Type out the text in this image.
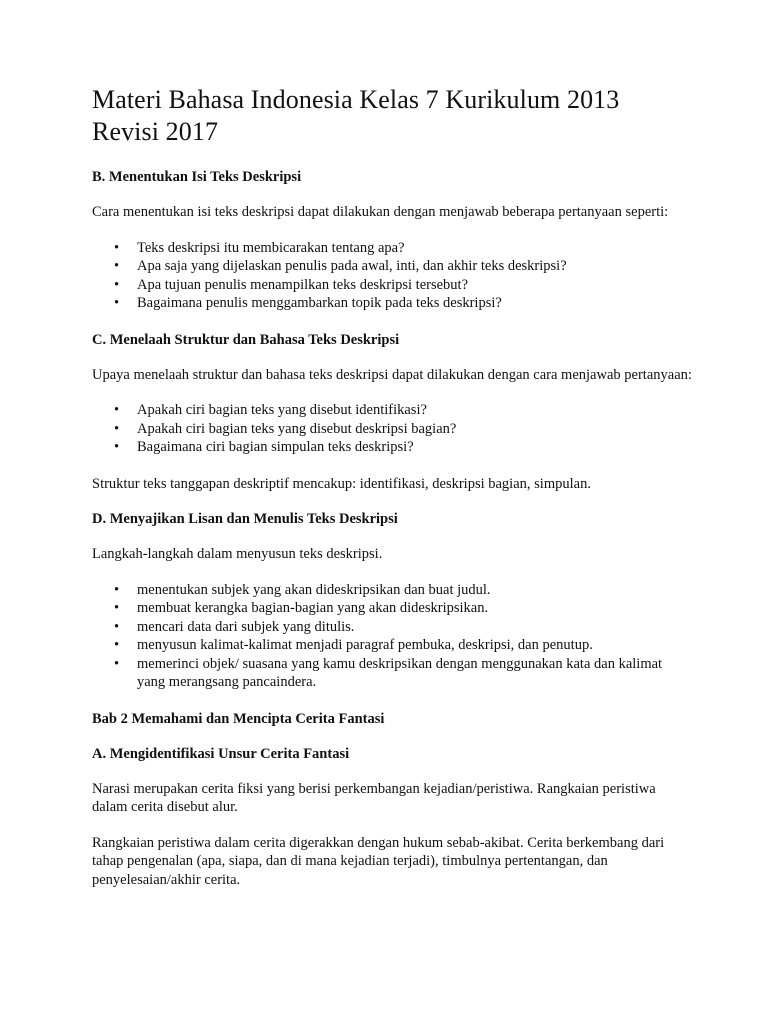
Materi Bahasa Indonesia Kelas 7 Kurikulum 2013 Revisi 2017
B. Menentukan Isi Teks Deskripsi

Cara menentukan isi teks deskripsi dapat dilakukan dengan menjawab beberapa pertanyaan seperti:

• Teks deskripsi itu membicarakan tentang apa?
• Apa saja yang dijelaskan penulis pada awal, inti, dan akhir teks deskripsi?
• Apa tujuan penulis menampilkan teks deskripsi tersebut?
• Bagaimana penulis menggambarkan topik pada teks deskripsi?
C. Menelaah Struktur dan Bahasa Teks Deskripsi

Upaya menelaah struktur dan bahasa teks deskripsi dapat dilakukan dengan cara menjawab pertanyaan:

• Apakah ciri bagian teks yang disebut identifikasi?
• Apakah ciri bagian teks yang disebut deskripsi bagian?
• Bagaimana ciri bagian simpulan teks deskripsi?

Struktur teks tanggapan deskriptif mencakup: identifikasi, deskripsi bagian, simpulan.

D. Menyajikan Lisan dan Menulis Teks Deskripsi

Langkah-langkah dalam menyusun teks deskripsi.

• menentukan subjek yang akan dideskripsikan dan buat judul.
• membuat kerangka bagian-bagian yang akan dideskripsikan.
• mencari data dari subjek yang ditulis.
• menyusun kalimat-kalimat menjadi paragraf pembuka, deskripsi, dan penutup.
• memerinci objek/ suasana yang kamu deskripsikan dengan menggunakan kata dan kalimat yang merangsang pancaindera.
Bab 2 Memahami dan Mencipta Cerita Fantasi
A. Mengidentifikasi Unsur Cerita Fantasi

Narasi merupakan cerita fiksi yang berisi perkembangan kejadian/peristiwa. Rangkaian peristiwa dalam cerita disebut alur.

Rangkaian peristiwa dalam cerita digerakkan dengan hukum sebab-akibat. Cerita berkembang dari tahap pengenalan (apa, siapa, dan di mana kejadian terjadi), timbulnya pertentangan, dan penyelesaian/akhir cerita.
